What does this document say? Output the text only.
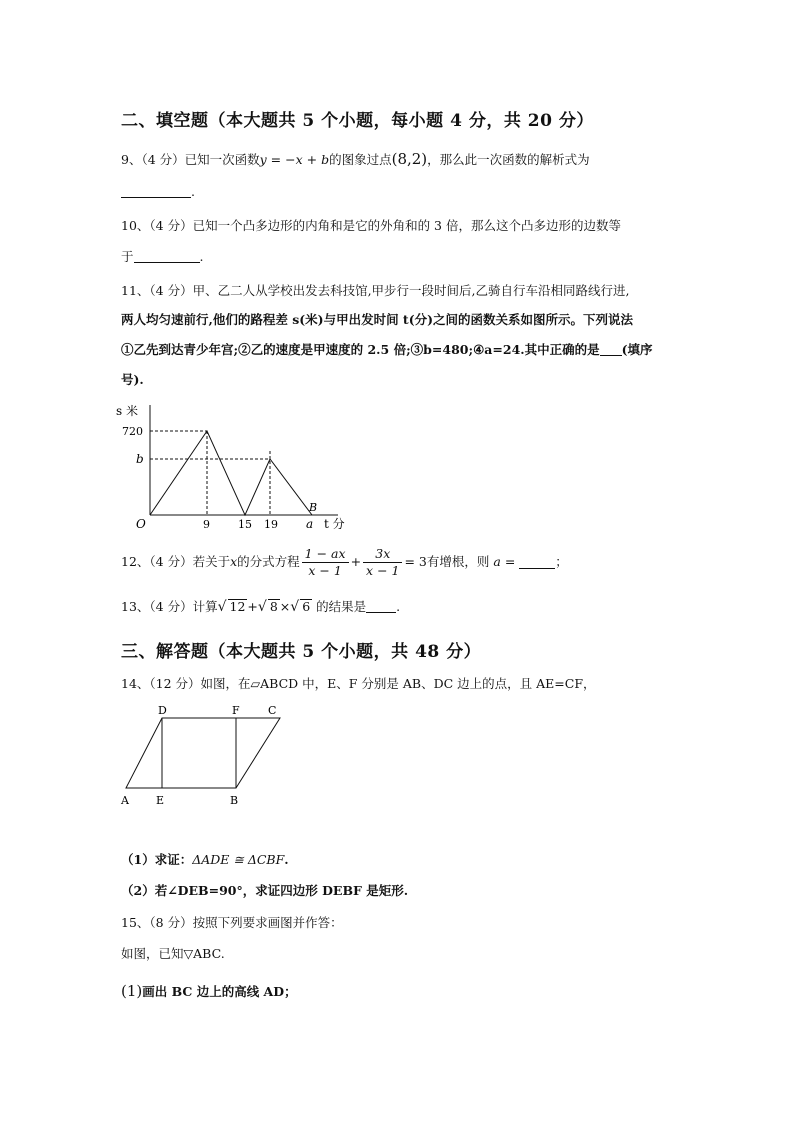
二、填空题（本大题共 5 个小题，每小题 4 分，共 20 分）
9、（4 分）已知一次函数y = −x + b的图象过点(8,2)，那么此一次函数的解析式为
.
10、（4 分）已知一个凸多边形的内角和是它的外角和的 3 倍，那么这个凸多边形的边数等
于	.
11、（4 分）甲、乙二人从学校出发去科技馆,甲步行一段时间后,乙骑自行车沿相同路线行进,
两人均匀速前行,他们的路程差 s(米)与甲出发时间 t(分)之间的函数关系如图所示。下列说法
①乙先到达青少年宫;②乙的速度是甲速度的 2.5 倍;③b=480;④a=24.其中正确的是 (填序
号).
s 米
720
b
O	9	15 19 a t 分
B
12、（4 分）若关于x的分式方程 $\frac{1 - ax}{x - 1} + \frac{3x}{x - 1} = 3$有增根，则 a =	；
13、（4 分）计算√ 12 +√ 8 ×√ 6 的结果是 .
三、解答题（本大题共 5 个小题，共 48 分）
14、（12 分）如图，在▱ABCD 中，E、F 分别是 AB、DC 边上的点，且 AE=CF，
D	F	C
A E	B
（1）求证：ΔADE ≅ ΔCBF.
（2）若∠DEB=90°，求证四边形 DEBF 是矩形.
15、（8 分）按照下列要求画图并作答：
如图，已知▽ABC.
(1)画出 BC 边上的高线 AD；
